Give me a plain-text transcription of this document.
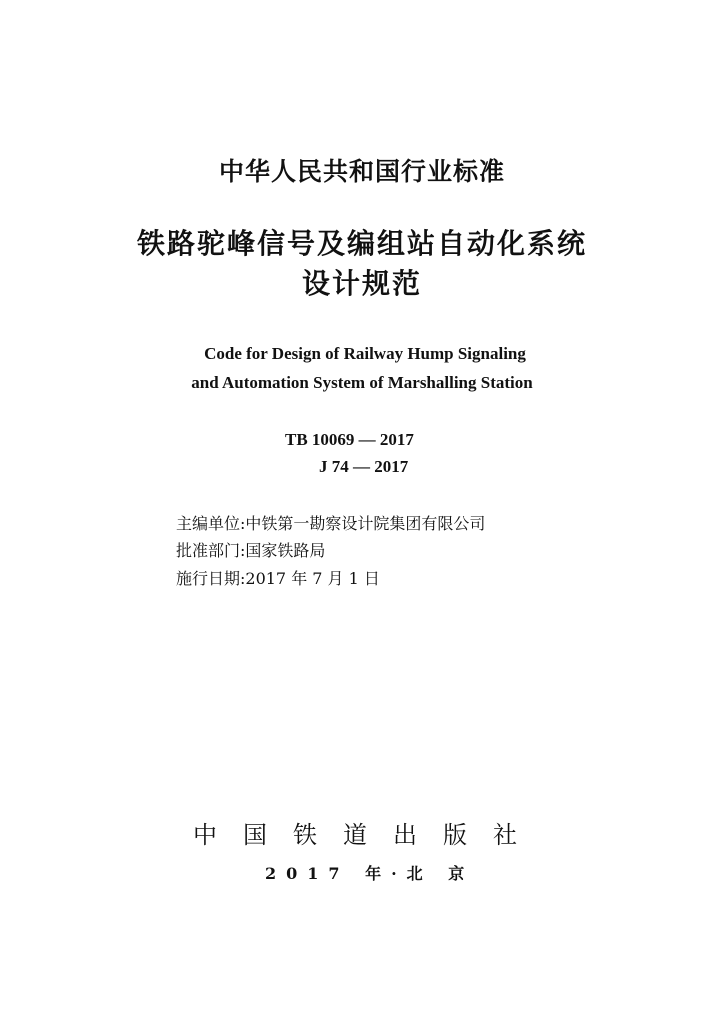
中华人民共和国行业标准
铁路驼峰信号及编组站自动化系统
设计规范
Code for Design of Railway Hump Signaling
and Automation System of Marshalling Station
TB 10069 — 2017
J 74 — 2017
主编单位:中铁第一勘察设计院集团有限公司
批准部门:国家铁路局
施行日期:2017 年 7 月 1 日
中国铁道出版社
2017 年·北 京
